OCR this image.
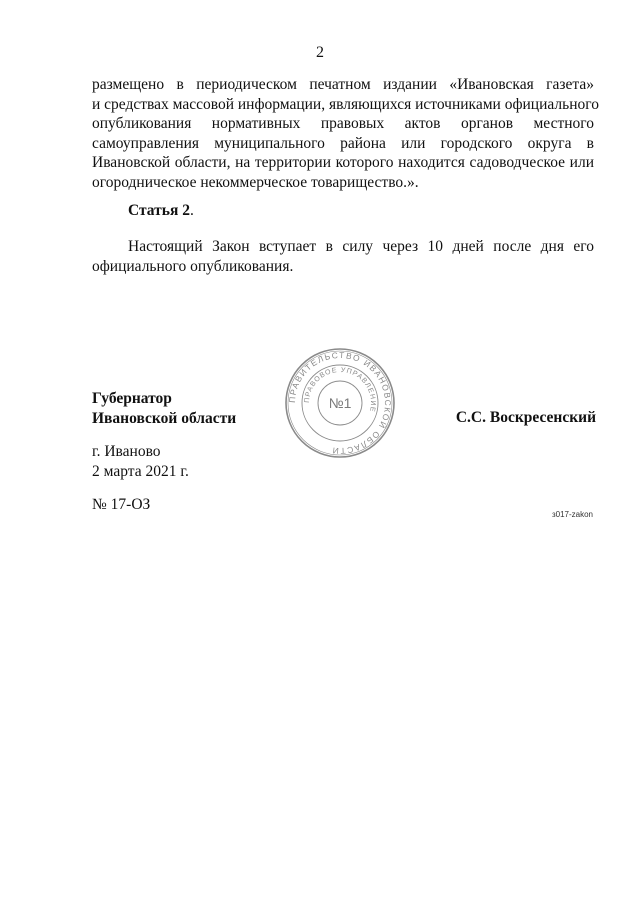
2
размещено в периодическом печатном издании «Ивановская газета»
и средствах массовой информации, являющихся источниками официального
опубликования нормативных правовых актов органов местного
самоуправления муниципального района или городского округа в
Ивановской области, на территории которого находится садоводческое или
огородническое некоммерческое товарищество.».
Статья 2.
Настоящий Закон вступает в силу через 10 дней после дня его
официального опубликования.
Губернатор
Ивановской области
ПРАВИТЕЛЬСТВО ИВАНОВСКОЙ ОБЛАСТИ
ПРАВОВОЕ УПРАВЛЕНИЕ
№1
С.С. Воскресенский
г. Иваново
2 марта 2021 г.
№ 17-ОЗ
з017-zakon
